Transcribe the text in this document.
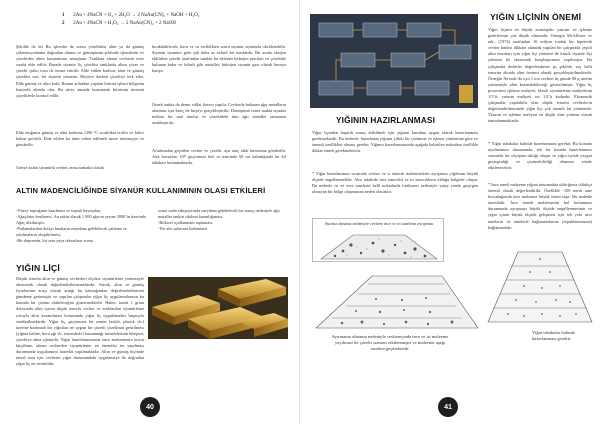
1 2Au + 4NaCN + O₂ + 2H₂O → 2 NaAu(CN)₂ + NaOH + H₂O₂
2 2Au + 4NaCN + H₂O₂ → 2 NaAu(CN)₂ + 2 NaOH
Şekilde de bir Bu işlemler de sonra çözeltiden altın ya da gümüş çöktmesyonlama doğrudan altının ve gümüşünün şeklinde işlemlerde ve çözeltiden altını kazanılması amaçlanır. Tanklara alınan cevherin tesis sırada elde edilir. Burada siyanür liç çözeltisi tanklarda altını çözer ve çözelti çinko tozu ile temas ettirilir. Elde edilen karbon, altın ve gümüş çözeltisi sert, bir siyanür yöntemi. Böylece karbon çözeltiyi terk eder. Elde gümüş ve altın kalır. Bunun ardından yapılan bitirim işlemi bölgenin kontrolü altında olur. Bu süreç atmada bozunurak bitirimin süresini çözeltilerle kontrol edilir.
Elde ettiğimiz gümüş ve altın karbona 1200 °C sıcaklıkta eritilir ve külce haline getirilir. Elde edilen bu ürün rafine edilmek üzere üretimçiye ve gönderilir.
Getiye kalan siyanürlü cevher, atma tankaka olarak
bırakılabilecek, hava ve su verildikten sonra siyanür siyanürla oksitlenebilir. Siyanür siyanüre göre çok daha az zehirli bir maddedir. Bir arada oksijen eklilirlen çözelti tarafından tutulan bu eklenen hidrojen peroksit ve çözeltide bulunan bakır ve kobalt gibi metaller, hidrojen siyanür gazı olarak havaya karışır.
Örnek tankta da demir sülfat ilavesi yapılır. Cevherde bulunan ağır metallerin alınması için kireç ile birşeyi gerçekleştirilir. Dönüşümü sonra tankta siyanür miktarı bir saat tutulur ve çözeltideki tüm ağır metaller tamamen uzaklaştırılır.
Arıtılmadan geçirilen cevher ve çözelti, aşır araç altık havuzuna gönderilir. Atık havuzları 10¹¹ geçirimsiz kile ve üzerinde 50 cm kalınlığında bir kil tabakası bulunmaktadır.
ALTIN MADENCİLİĞİNDE SİYANÜR KULLANIMININ OLASI ETKİLERİ
-Yüzey toprağının kazılması ve toprak kaymaları,
-Ağaçların kesilmesi. An sakin olarak 1 000 ağacın yerine 3000’in üzerinde Ağaç dikilmiştir.
-Patlamalardan dolayı binaların meydana gelebilecek çatlama ve yıkılmaların oluşabilmesi,
-Bir depremin, bir sera yaya tekrarlarır sonra
sonra onda etkişiyorında meydana gelebilecek bir sonuç nedeniyle ağır metaller tankın sıkılma karanlığıması,
-Bitkisel sçidlanmam taplaması,
-Yer altı sularının kirlenmesi
YIĞIN LİÇİ
Düşük tenorlu altın ve gümüş cevherleri ölçekte siyanürlerne yöntemiyle ekonomik olarak değerlendirilememektedir. Ancak, altın ve gümüş fiyatlarının artışı olarak arttığı bu kaynağından değerlendirilmesini gündeme getirmiştir ve yapılan çalışmalar yiğın liç uygulamalarının bu konuda bir çözüm olabileceğini göstermektedir. Halen, tonda 1 gram dolayında altın içeren düşük tenorlu cevher ve artıklardan siyanürleme yoluyla altın kazanılması konusunda yiğın liç uygulamaları başarıyla sürdürülmektedir. Yiğın liç, geçirimsiz bir zemin (asfalt, plastik vb.) üzerine kırılmadı bir yiğınları ne uygun bir çözelti çözeltinin getirilmesi (yiğma haline, boru ağı vb. sistemlerle) kazanmağı mesafelerinin bileşimi, çözeltiye alma işlemidir. Yiğın hazerlanmasında önce malzemenin boyut küçültme, alınan cevherden siyanürleme, en önemlisi ise yapılması durumunda uygulamaya hazerlık yapılmaktadır. Altın ve gümüş biçimde metal tozu için cevherin yiğın durumundaki uygulamaya da doğrudan yiğın liç en verimlidir.
40
YIĞININ HAZIRLANMASI
Yiğın liçinden başarılı sonuç alabilmek için yiğının kurulma uygun olarak hazerlanması gerekmektedir. Bu nedenle, hazırlanan yiğının yıllıkı bir çözünme ve işleme yöntemine göre ve önemli özellikleri olması gerekir. Yiğının hazerlanmasında aşağıda belirtilen noktalara özellikle dikkat etmek gerekmektedir.
* Yiğın hazerlanması sırasında cevher ve sı tanecik malzemelerin ayrışması yiğılması büyük ölçüde engellenmelidir. Aksi takdirde ince tanecikli ve iri taneciklerin olduğu bölgeler oluşur. Bu nedenle iri ve ince tanelerin belli noktalarda birikmesi nedeniyle yatay yönde geçirgen olmayan bir bölge oluşmasına neden olacaktır.
YIĞIN LİÇİNİN ÖNEMİ
Yiğın liçinin en büyük avantajıdır yatırım ve işletme giderlerinin çok düşük olmasıdır. Ornegin McAllister ve ark., (1974) tarafından 10 milyon tonluk bir hipotetik cevher kütlesi dikkate alınarak yapılan bir çalışmada çeşitli altın tenorları için yiğın liçi yöntemi ile klasik siyanür liçi yöntemi ile ekonomik karşılaştırması yapılmıştır. Bu çalışmada dedeiler değerlendirme şu şekilde, suç belli tenorün altında altın üretimi olarak gerçekleştirilmektedir. Örneğin Nevada’da için 1 ton cevheri üç günde 90 g üretim yöntemiyle altın kazanılabileceği gösterilmiştir. Yiğın liç prosesinin işletme maliyeti, klasik siyanürleme maliyetinin 1/3’ü, yatırım maliyeti ise 1/4’ü kadardır. Ekonomik çalışmalar yapılabilir olan düşük tenorlu cevherlerin değerlendirilmesinde yiğın liçi çok önemli bir yöntemdir. Yatırım ve işletme maliyeti en düşük olan yöntem olarak tanımlanmaktadır.
* Yiğın tabakalar halinde hazerlanması gerekir. Bu konuda uyulmaması durumunda, tek bir kasada hazerlanması sırasında bir olçtışma sıklığı oluşur ve yiğın içinde yaygın geçirgenliği ve çözünebilirliği olumsuz yönde etkilenecektir.
* İnce taneli malzeme yiğına tutunmakta olda-ğınca oldukça önemli olarak değerlendirilir. Özellikle -100 mesh tane boyutluğunda ince malzeme büyük önem taşır. Bu nedenle önemlidir. İnce tanedi malzemenin bol bulunması durumunda ayrışmayı büyük ölçüde engellenmesinin ve yiğın içinin büyük ölçüde gelişmesi için tek yolu ince tanelerin iri tanelerle bağlanmalarına (topaklanmasına) bağlanmalıdır.
Ayırma olmama nedeniyle cevhere ince ve iri tanelerın ayrışması
Ayırmama olmama nedeniyle cevhereçinde ince ve iri malzeme yayılması ile çözelti sızması etkilenmiştir ve malzeme aşağı tarafına geçmektedir.
Yiğın tabakalar halinde hazerlanması gerekir.
41
